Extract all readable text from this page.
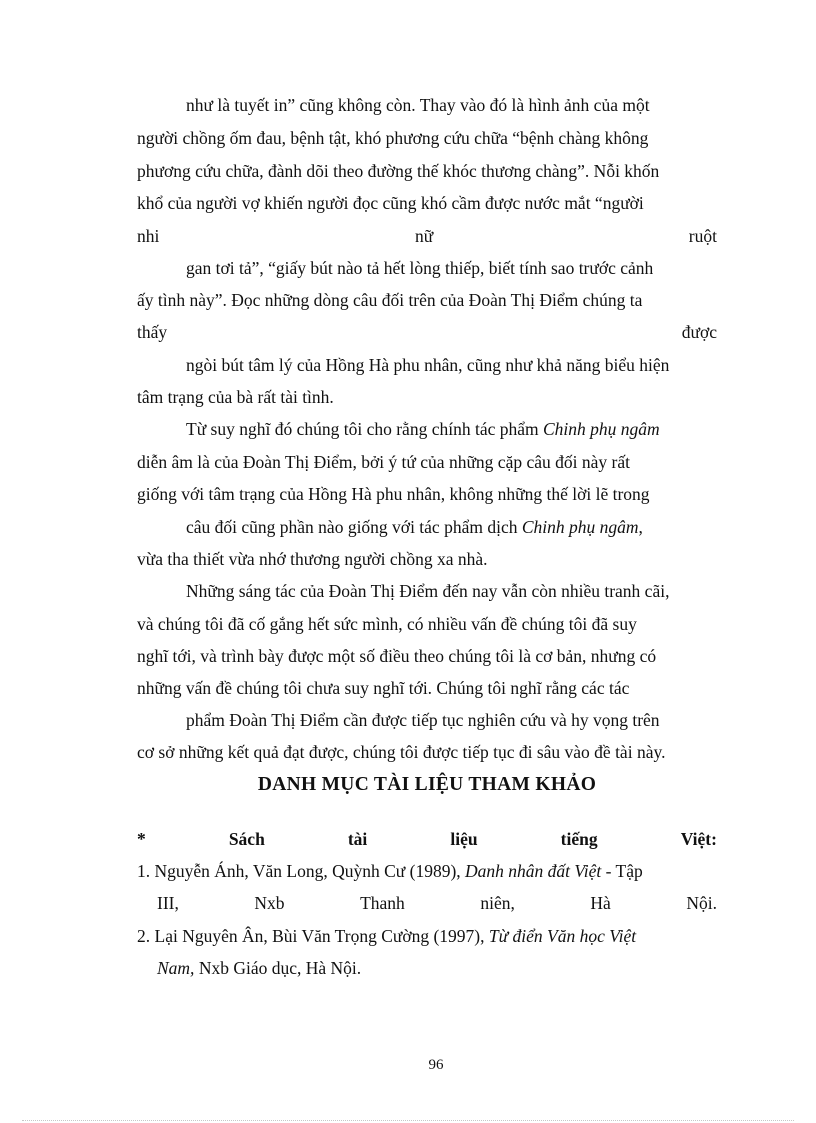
như là tuyết in” cũng không còn. Thay vào đó là hình ảnh của một
người chồng ốm đau, bệnh tật, khó phương cứu chữa “bệnh chàng không
phương cứu chữa, đành dõi theo đường thế khóc thương chàng”. Nỗi khốn
khổ của người vợ khiến người đọc cũng khó cầm được nước mắt “người
nhi	nữ	ruột
gan tơi tả”, “giấy bút nào tả hết lòng thiếp, biết tính sao trước cảnh
ấy tình này”. Đọc những dòng câu đối trên của Đoàn Thị Điểm chúng ta
thấy	được
ngòi bút tâm lý của Hồng Hà phu nhân, cũng như khả năng biểu hiện
tâm trạng của bà rất tài tình.
Từ suy nghĩ đó chúng tôi cho rằng chính tác phẩm Chinh phụ ngâm
diễn âm là của Đoàn Thị Điểm, bởi ý tứ của những cặp câu đối này rất
giống với tâm trạng của Hồng Hà phu nhân, không những thế lời lẽ trong
câu đối cũng phần nào giống với tác phẩm dịch Chinh phụ ngâm,
vừa tha thiết vừa nhớ thương người chồng xa nhà.
Những sáng tác của Đoàn Thị Điểm đến nay vẫn còn nhiều tranh cãi,
và chúng tôi đã cố gắng hết sức mình, có nhiều vấn đề chúng tôi đã suy
nghĩ tới, và trình bày được một số điều theo chúng tôi là cơ bản, nhưng có
những vấn đề chúng tôi chưa suy nghĩ tới. Chúng tôi nghĩ rằng các tác
phẩm Đoàn Thị Điểm cần được tiếp tục nghiên cứu và hy vọng trên
cơ sở những kết quả đạt được, chúng tôi được tiếp tục đi sâu vào đề tài này.
DANH MỤC TÀI LIỆU THAM KHẢO
*	Sách	tài	liệu	tiếng	Việt:
1. Nguyễn Ánh, Văn Long, Quỳnh Cư (1989), Danh nhân đất Việt - Tập
III,	Nxb	Thanh	niên,	Hà	Nội.
2. Lại Nguyên Ân, Bùi Văn Trọng Cường (1997), Từ điển Văn học Việt
Nam, Nxb Giáo dục, Hà Nội.
96
